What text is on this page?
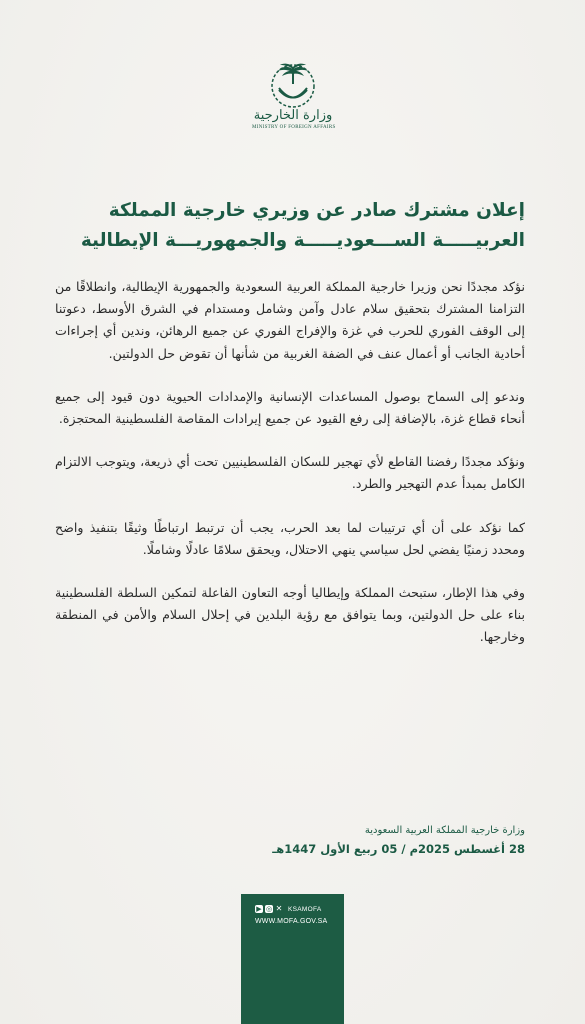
وزارة الخارجية
MINISTRY OF FOREIGN AFFAIRS
إعلان مشترك صادر عن وزيري خارجية المملكة
العربيـــــة الســـعوديـــــة والجمهوريـــة الإيطالية

نؤكد مجددًا نحن وزيرا خارجية المملكة العربية السعودية والجمهورية الإيطالية، وانطلاقًا من التزامنا المشترك بتحقيق سلام عادل وآمن وشامل ومستدام في الشرق الأوسط، دعوتنا إلى الوقف الفوري للحرب في غزة والإفراج الفوري عن جميع الرهائن، وندين أي إجراءات أحادية الجانب أو أعمال عنف في الضفة الغربية من شأنها أن تقوض حل الدولتين.

وندعو إلى السماح بوصول المساعدات الإنسانية والإمدادات الحيوية دون قيود إلى جميع أنحاء قطاع غزة، بالإضافة إلى رفع القيود عن جميع إيرادات المقاصة الفلسطينية المحتجزة.

ونؤكد مجددًا رفضنا القاطع لأي تهجير للسكان الفلسطينيين تحت أي ذريعة، ويتوجب الالتزام الكامل بمبدأ عدم التهجير والطرد.

كما نؤكد على أن أي ترتيبات لما بعد الحرب، يجب أن ترتبط ارتباطًا وثيقًا بتنفيذ واضح ومحدد زمنيًا يفضي لحل سياسي ينهي الاحتلال، ويحقق سلامًا عادلًا وشاملًا.

وفي هذا الإطار، ستبحث المملكة وإيطاليا أوجه التعاون الفاعلة لتمكين السلطة الفلسطينية بناء على حل الدولتين، وبما يتوافق مع رؤية البلدين في إحلال السلام والأمن في المنطقة وخارجها.

وزارة خارجية المملكة العربية السعودية
28 أغسطس 2025م / 05 ربيع الأول 1447هـ
▶ ◎ ✕ KSAMOFA
WWW.MOFA.GOV.SA
